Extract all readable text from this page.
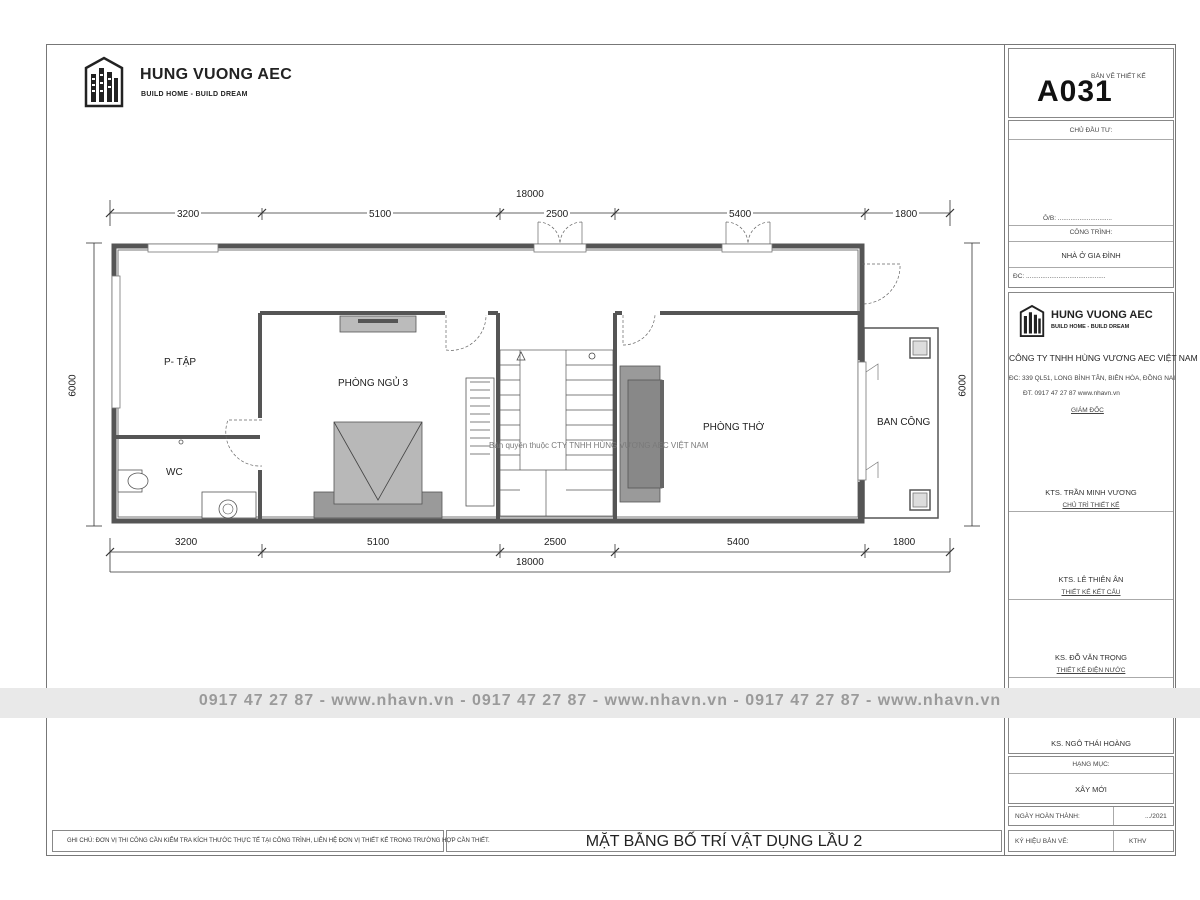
HUNG VUONG AEC
BUILD HOME - BUILD DREAM
BẢN VẼ THIẾT KẾ
A031
CHỦ ĐẦU TƯ:
Ô/B: ..............................
CÔNG TRÌNH:
NHÀ Ở GIA ĐÌNH
ĐC: ............................................
HUNG VUONG AEC
BUILD HOME - BUILD DREAM
CÔNG TY TNHH HÙNG VƯƠNG AEC VIỆT NAM
ĐC: 339 QL51, LONG BÌNH TÂN, BIÊN HÒA, ĐỒNG NAI
ĐT. 0917 47 27 87 www.nhavn.vn
GIÁM ĐỐC
KTS. TRẦN MINH VƯƠNG
CHỦ TRÌ THIẾT KẾ
KTS. LÊ THIÊN ÂN
THIẾT KẾ KẾT CẤU
KS. ĐỖ VĂN TRỌNG
THIẾT KẾ ĐIỆN NƯỚC
KS. NGÔ THÁI HOÀNG
HẠNG MỤC:
XÂY MỚI
NGÀY HOÀN THÀNH:	.../2021
KÝ HIỆU BẢN VẼ:	KTHV
GHI CHÚ: ĐƠN VỊ THI CÔNG CẦN KIỂM TRA KÍCH THƯỚC THỰC TẾ TẠI CÔNG TRÌNH, LIÊN HỆ ĐƠN VỊ THIẾT KẾ TRONG TRƯỜNG HỢP CẦN THIẾT.	MẶT BẰNG BỐ TRÍ VẬT DỤNG LẦU 2
18000
3200	5100	2500	5400	1800
3200	5100	2500	5400	1800
18000
6000	6000
P- TẬP
PHÒNG NGỦ 3
WC
PHÒNG THỜ	BAN CÔNG
Bản quyền thuộc CTY TNHH HÙNG VƯƠNG AEC VIỆT NAM
0917 47 27 87 - www.nhavn.vn - 0917 47 27 87 - www.nhavn.vn - 0917 47 27 87 - www.nhavn.vn
